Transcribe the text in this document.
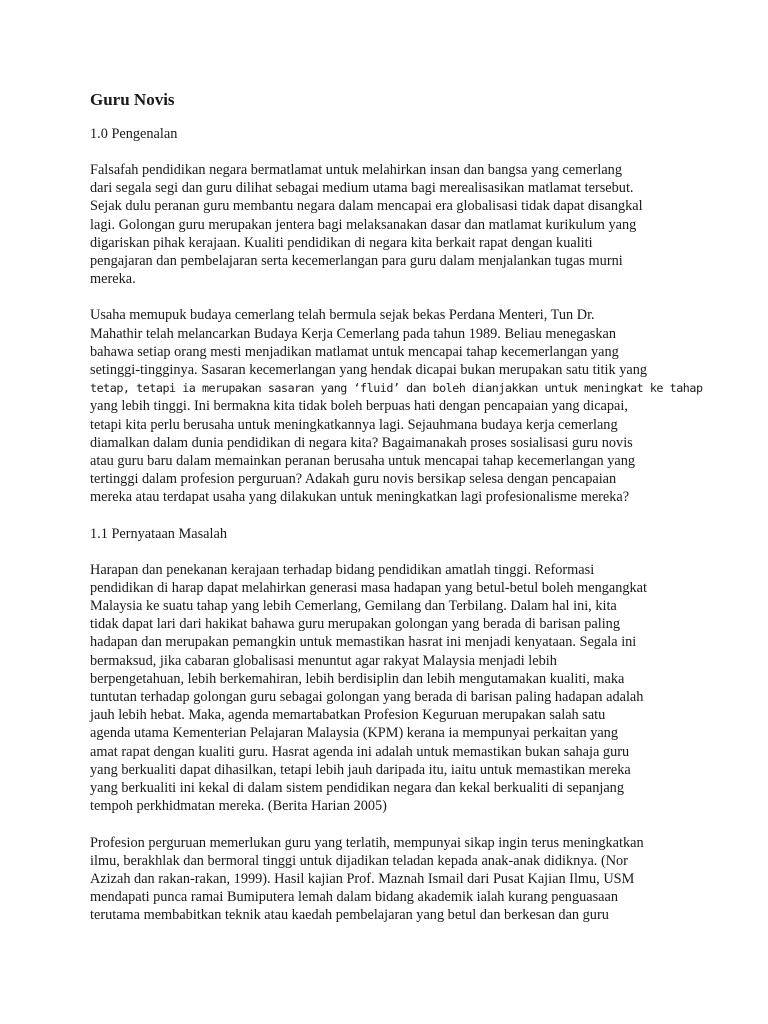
Guru Novis
1.0 Pengenalan
Falsafah pendidikan negara bermatlamat untuk melahirkan insan dan bangsa yang cemerlang
dari segala segi dan guru dilihat sebagai medium utama bagi merealisasikan matlamat tersebut.
Sejak dulu peranan guru membantu negara dalam mencapai era globalisasi tidak dapat disangkal
lagi. Golongan guru merupakan jentera bagi melaksanakan dasar dan matlamat kurikulum yang
digariskan pihak kerajaan. Kualiti pendidikan di negara kita berkait rapat dengan kualiti
pengajaran dan pembelajaran serta kecemerlangan para guru dalam menjalankan tugas murni
mereka.
Usaha memupuk budaya cemerlang telah bermula sejak bekas Perdana Menteri, Tun Dr.
Mahathir telah melancarkan Budaya Kerja Cemerlang pada tahun 1989. Beliau menegaskan
bahawa setiap orang mesti menjadikan matlamat untuk mencapai tahap kecemerlangan yang
setinggi-tingginya. Sasaran kecemerlangan yang hendak dicapai bukan merupakan satu titik yang
tetap, tetapi ia merupakan sasaran yang ‘fluid’ dan boleh dianjakkan untuk meningkat ke tahap
yang lebih tinggi. Ini bermakna kita tidak boleh berpuas hati dengan pencapaian yang dicapai,
tetapi kita perlu berusaha untuk meningkatkannya lagi. Sejauhmana budaya kerja cemerlang
diamalkan dalam dunia pendidikan di negara kita? Bagaimanakah proses sosialisasi guru novis
atau guru baru dalam memainkan peranan berusaha untuk mencapai tahap kecemerlangan yang
tertinggi dalam profesion perguruan? Adakah guru novis bersikap selesa dengan pencapaian
mereka atau terdapat usaha yang dilakukan untuk meningkatkan lagi profesionalisme mereka?
1.1 Pernyataan Masalah
Harapan dan penekanan kerajaan terhadap bidang pendidikan amatlah tinggi. Reformasi
pendidikan di harap dapat melahirkan generasi masa hadapan yang betul-betul boleh mengangkat
Malaysia ke suatu tahap yang lebih Cemerlang, Gemilang dan Terbilang. Dalam hal ini, kita
tidak dapat lari dari hakikat bahawa guru merupakan golongan yang berada di barisan paling
hadapan dan merupakan pemangkin untuk memastikan hasrat ini menjadi kenyataan. Segala ini
bermaksud, jika cabaran globalisasi menuntut agar rakyat Malaysia menjadi lebih
berpengetahuan, lebih berkemahiran, lebih berdisiplin dan lebih mengutamakan kualiti, maka
tuntutan terhadap golongan guru sebagai golongan yang berada di barisan paling hadapan adalah
jauh lebih hebat. Maka, agenda memartabatkan Profesion Keguruan merupakan salah satu
agenda utama Kementerian Pelajaran Malaysia (KPM) kerana ia mempunyai perkaitan yang
amat rapat dengan kualiti guru. Hasrat agenda ini adalah untuk memastikan bukan sahaja guru
yang berkualiti dapat dihasilkan, tetapi lebih jauh daripada itu, iaitu untuk memastikan mereka
yang berkualiti ini kekal di dalam sistem pendidikan negara dan kekal berkualiti di sepanjang
tempoh perkhidmatan mereka. (Berita Harian 2005)
Profesion perguruan memerlukan guru yang terlatih, mempunyai sikap ingin terus meningkatkan
ilmu, berakhlak dan bermoral tinggi untuk dijadikan teladan kepada anak-anak didiknya. (Nor
Azizah dan rakan-rakan, 1999). Hasil kajian Prof. Maznah Ismail dari Pusat Kajian Ilmu, USM
mendapati punca ramai Bumiputera lemah dalam bidang akademik ialah kurang penguasaan
terutama membabitkan teknik atau kaedah pembelajaran yang betul dan berkesan dan guru
